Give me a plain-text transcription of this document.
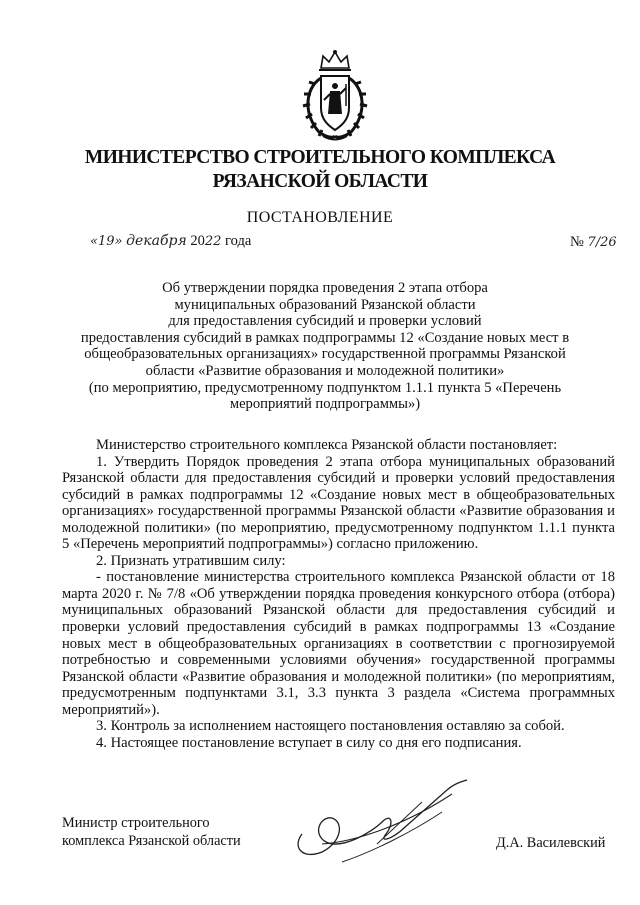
МИНИСТЕРСТВО СТРОИТЕЛЬНОГО КОМПЛЕКСА
РЯЗАНСКОЙ ОБЛАСТИ
ПОСТАНОВЛЕНИЕ
«19» декабря 2022 года	№ 7/26
Об утверждении порядка проведения 2 этапа отбора
муниципальных образований Рязанской области
для предоставления субсидий и проверки условий
предоставления субсидий в рамках подпрограммы 12 «Создание новых мест в
общеобразовательных организациях» государственной программы Рязанской
области «Развитие образования и молодежной политики»
(по мероприятию, предусмотренному подпунктом 1.1.1 пункта 5 «Перечень
мероприятий подпрограммы»)

Министерство строительного комплекса Рязанской области постановляет:

1. Утвердить Порядок проведения 2 этапа отбора муниципальных образований Рязанской области для предоставления субсидий и проверки условий предоставления субсидий в рамках подпрограммы 12 «Создание новых мест в общеобразовательных организациях» государственной программы Рязанской области «Развитие образования и молодежной политики» (по мероприятию, предусмотренному подпунктом 1.1.1 пункта 5 «Перечень мероприятий подпрограммы») согласно приложению.

2. Признать утратившим силу:

- постановление министерства строительного комплекса Рязанской области от 18 марта 2020 г. № 7/8 «Об утверждении порядка проведения конкурсного отбора (отбора) муниципальных образований Рязанской области для предоставления субсидий и проверки условий предоставления субсидий в рамках подпрограммы 13 «Создание новых мест в общеобразовательных организациях в соответствии с прогнозируемой потребностью и современными условиями обучения» государственной программы Рязанской области «Развитие образования и молодежной политики» (по мероприятиям, предусмотренным подпунктами 3.1, 3.3 пункта 3 раздела «Система программных мероприятий»).

3. Контроль за исполнением настоящего постановления оставляю за собой.

4. Настоящее постановление вступает в силу со дня его подписания.

Министр строительного
комплекса Рязанской области	Д.А. Василевский
